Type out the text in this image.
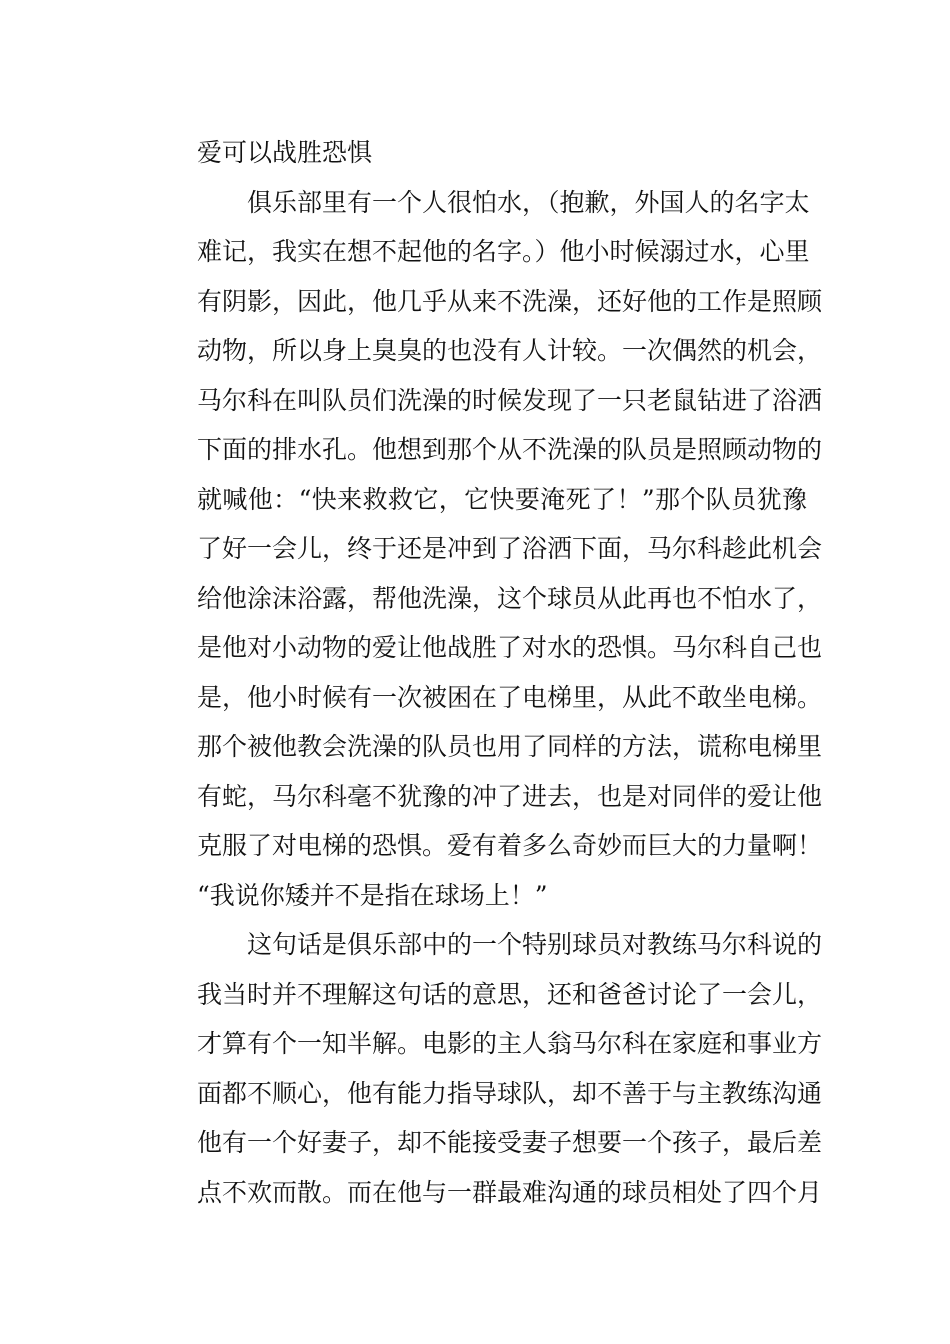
爱可以战胜恐惧
俱乐部里有一个人很怕水，（抱歉，外国人的名字太
难记，我实在想不起他的名字。）他小时候溺过水，心里
有阴影，因此，他几乎从来不洗澡，还好他的工作是照顾
动物，所以身上臭臭的也没有人计较。一次偶然的机会，
马尔科在叫队员们洗澡的时候发现了一只老鼠钻进了浴洒
下面的排水孔。他想到那个从不洗澡的队员是照顾动物的
就喊他：“快来救救它，它快要淹死了！”那个队员犹豫
了好一会儿，终于还是冲到了浴洒下面，马尔科趁此机会
给他涂沫浴露，帮他洗澡，这个球员从此再也不怕水了，
是他对小动物的爱让他战胜了对水的恐惧。马尔科自己也
是，他小时候有一次被困在了电梯里，从此不敢坐电梯。
那个被他教会洗澡的队员也用了同样的方法，谎称电梯里
有蛇，马尔科毫不犹豫的冲了进去，也是对同伴的爱让他
克服了对电梯的恐惧。爱有着多么奇妙而巨大的力量啊！
“我说你矮并不是指在球场上！”
这句话是俱乐部中的一个特别球员对教练马尔科说的
我当时并不理解这句话的意思，还和爸爸讨论了一会儿，
才算有个一知半解。电影的主人翁马尔科在家庭和事业方
面都不顺心，他有能力指导球队，却不善于与主教练沟通
他有一个好妻子，却不能接受妻子想要一个孩子，最后差
点不欢而散。而在他与一群最难沟通的球员相处了四个月
